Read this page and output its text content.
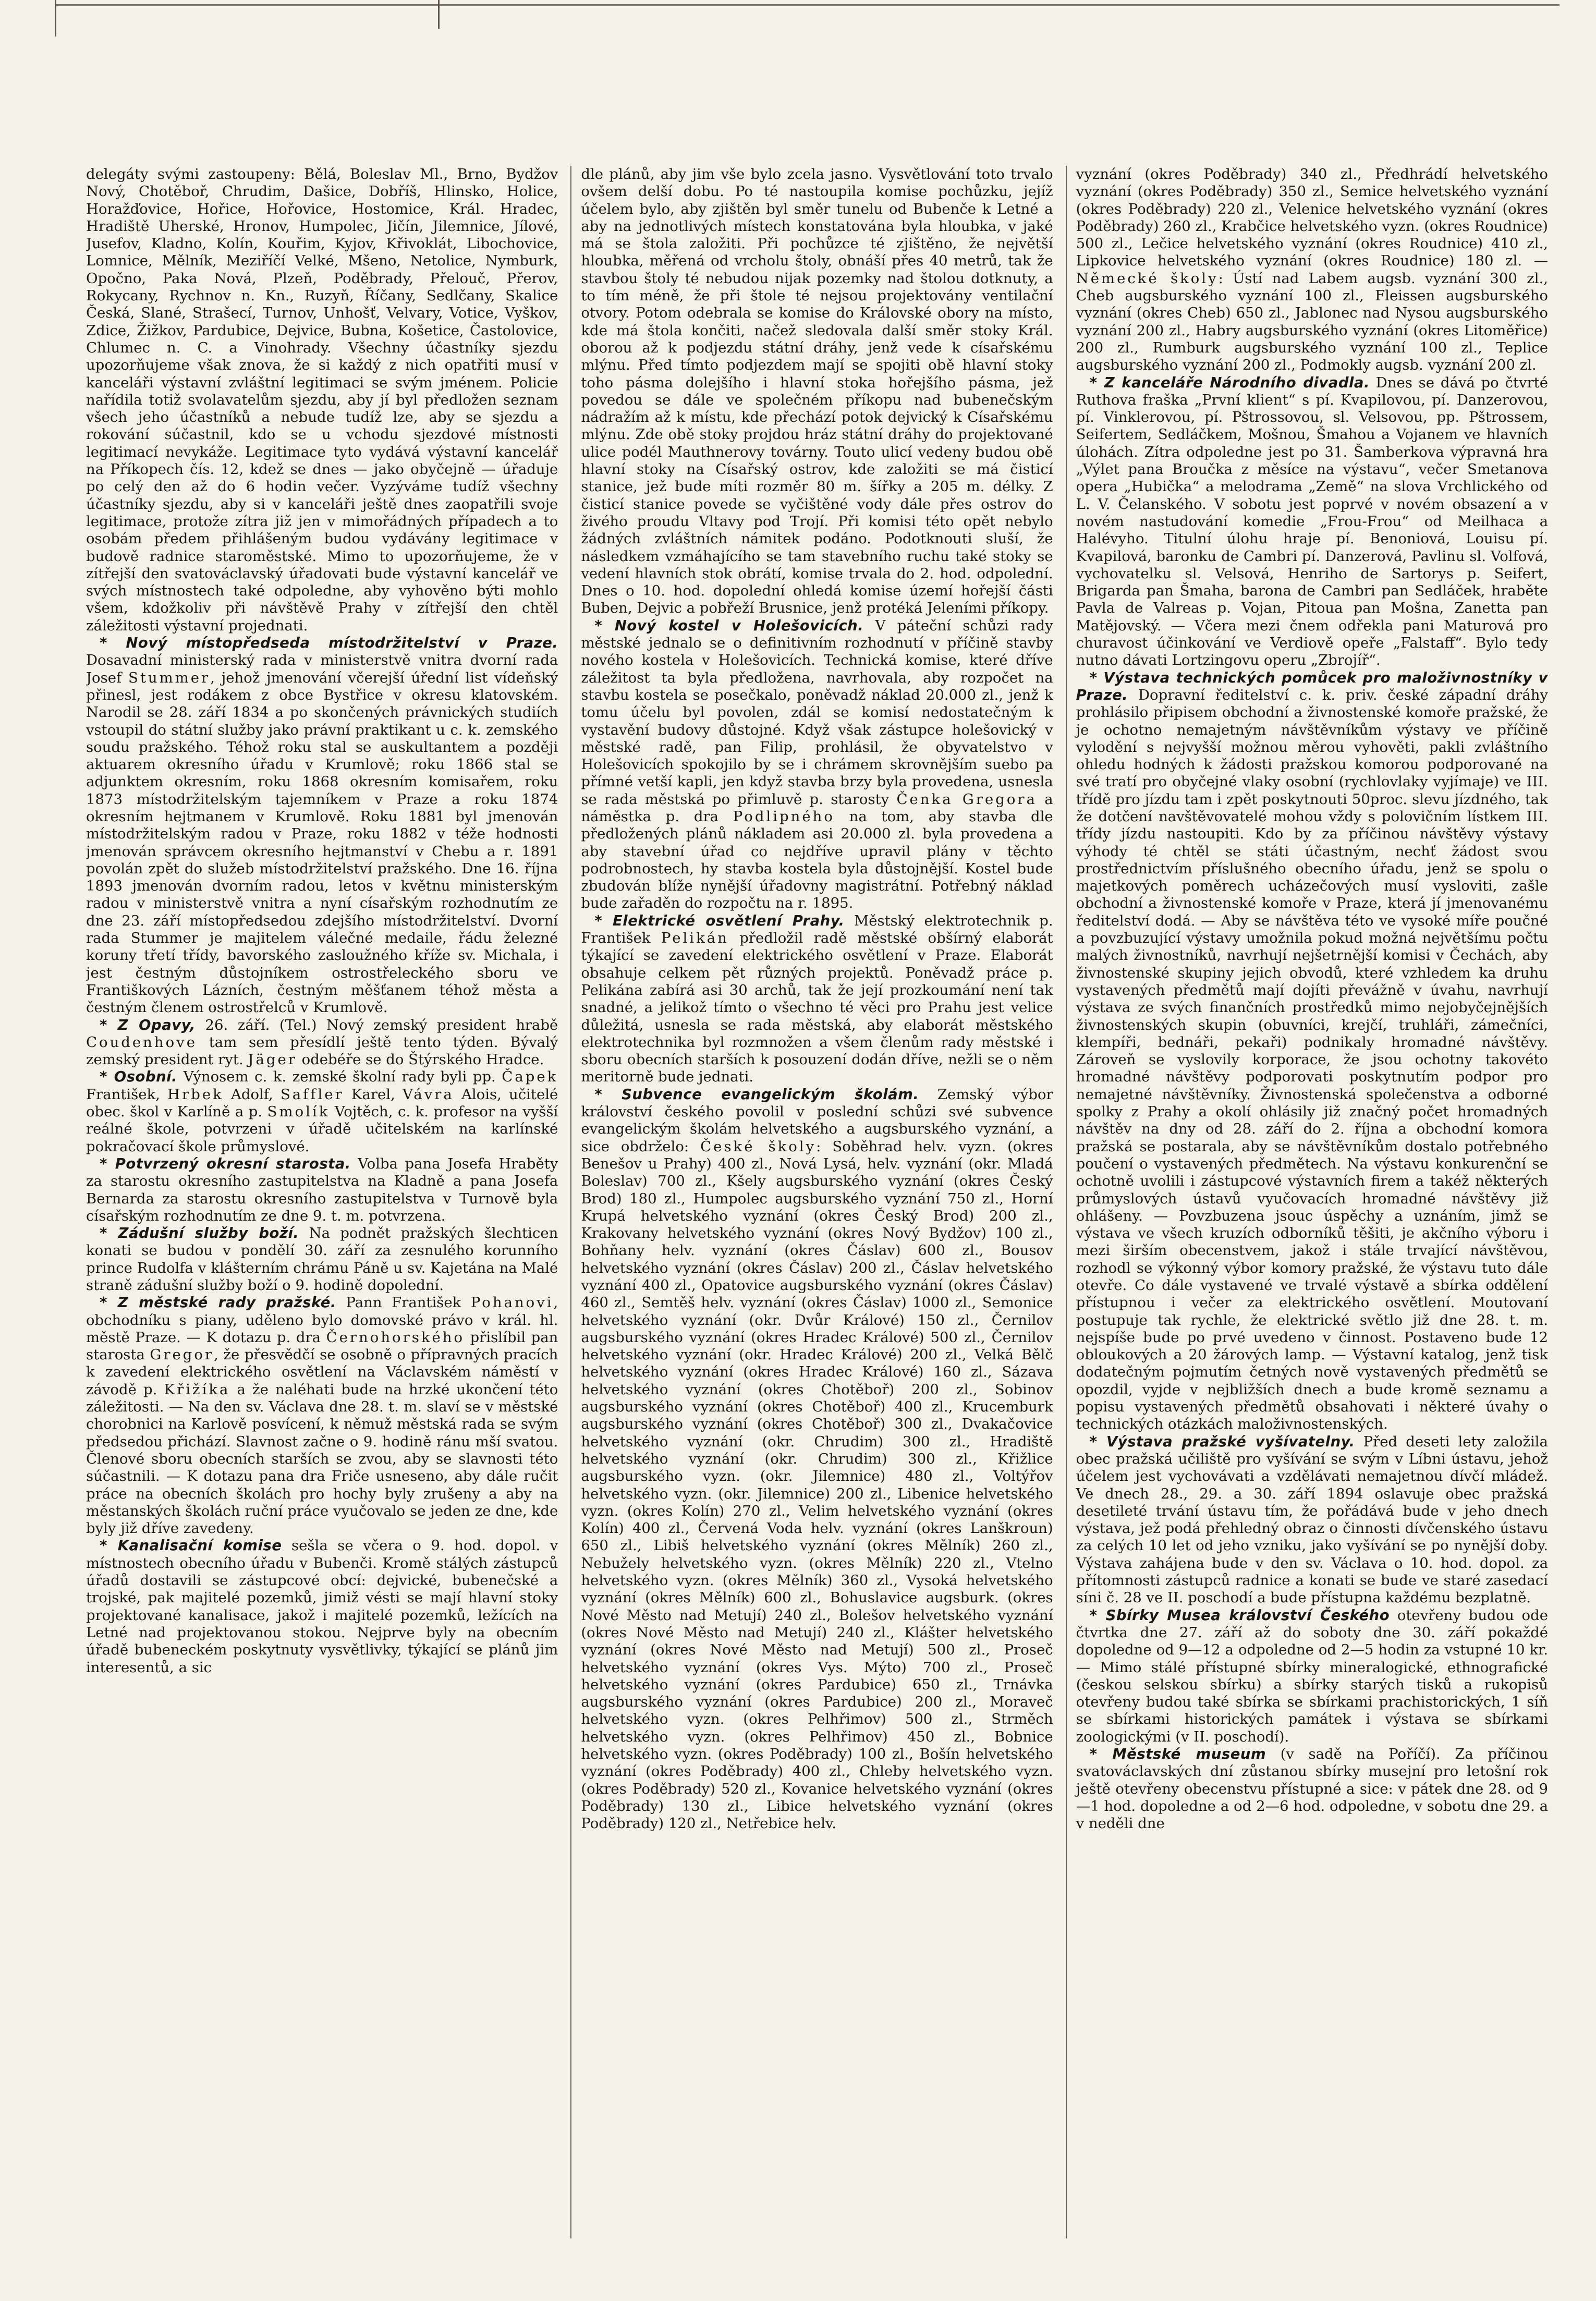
delegáty svými zastoupeny: Bělá, Boleslav Ml., Brno, Bydžov Nový, Chotěboř, Chrudim, Dašice, Dobříš, Hlinsko, Holice, Horažďovice, Hořice, Hořovice, Hostomice, Král. Hradec, Hradiště Uherské, Hronov, Humpolec, Jičín, Jilemnice, Jílové, Jusefov, Kladno, Kolín, Kouřim, Kyjov, Křivoklát, Libochovice, Lomnice, Mělník, Meziříčí Velké, Mšeno, Netolice, Nymburk, Opočno, Paka Nová, Plzeň, Poděbrady, Přelouč, Přerov, Rokycany, Rychnov n. Kn., Ruzyň, Říčany, Sedlčany, Skalice Česká, Slané, Strašecí, Turnov, Unhošť, Velvary, Votice, Vyškov, Zdice, Žižkov, Pardubice, Dejvice, Bubna, Košetice, Častolovice, Chlumec n. C. a Vinohrady. Všechny účastníky sjezdu upozorňujeme však znova, že si každý z nich opatřiti musí v kanceláři výstavní zvláštní legitimaci se svým jménem. Policie nařídila totiž svolavatelům sjezdu, aby jí byl předložen seznam všech jeho účastníků a nebude tudíž lze, aby se sjezdu a rokování súčastnil, kdo se u vchodu sjezdové místnosti legitimací nevykáže. Legitimace tyto vydává výstavní kancelář na Příkopech čís. 12, kdež se dnes — jako obyčejně — úřaduje po celý den až do 6 hodin večer. Vyzýváme tudíž všechny účastníky sjezdu, aby si v kanceláři ještě dnes zaopatřili svoje legitimace, protože zítra již jen v mimořádných případech a to osobám předem přihlášeným budou vydávány legitimace v budově radnice staroměstské. Mimo to upozorňujeme, že v zítřejší den svatováclavský úřadovati bude výstavní kancelář ve svých místnostech také odpoledne, aby vyhověno býti mohlo všem, kdožkoliv při návštěvě Prahy v zítřejší den chtěl záležitosti výstavní projednati.

* Nový místopředseda místodržitelství v Praze. Dosavadní ministerský rada v ministerstvě vnitra dvorní rada Josef Stummer, jehož jmenování včerejší úřední list vídeňský přinesl, jest rodákem z obce Bystřice v okresu klatovském. Narodil se 28. září 1834 a po skončených právnických studiích vstoupil do státní služby jako právní praktikant u c. k. zemského soudu pražského. Téhož roku stal se auskultantem a později aktuarem okresního úřadu v Krumlově; roku 1866 stal se adjunktem okresním, roku 1868 okresním komisařem, roku 1873 místodržitelským tajemníkem v Praze a roku 1874 okresním hejtmanem v Krumlově. Roku 1881 byl jmenován místodržitelským radou v Praze, roku 1882 v téže hodnosti jmenován správcem okresního hejtmanství v Chebu a r. 1891 povolán zpět do služeb místodržitelství pražského. Dne 16. října 1893 jmenován dvorním radou, letos v květnu ministerským radou v ministerstvě vnitra a nyní císařským rozhodnutím ze dne 23. září místopředsedou zdejšího místodržitelství. Dvorní rada Stummer je majitelem válečné medaile, řádu železné koruny třetí třídy, bavorského zasloužného kříže sv. Michala, i jest čestným důstojníkem ostrostřeleckého sboru ve Františkových Lázních, čestným měšťanem téhož města a čestným členem ostrostřelců v Krumlově.

* Z Opavy, 26. září. (Tel.) Nový zemský president hrabě Coudenhove tam sem přesídlí ještě tento týden. Bývalý zemský president ryt. Jäger odebéře se do Štýrského Hradce.

* Osobní. Výnosem c. k. zemské školní rady byli pp. Čapek František, Hrbek Adolf, Saffler Karel, Vávra Alois, učitelé obec. škol v Karlíně a p. Smolík Vojtěch, c. k. profesor na vyšší reálné škole, potvrzeni v úřadě učitelském na karlínské pokračovací škole průmyslové.

* Potvrzený okresní starosta. Volba pana Josefa Hraběty za starostu okresního zastupitelstva na Kladně a pana Josefa Bernarda za starostu okresního zastupitelstva v Turnově byla císařským rozhodnutím ze dne 9. t. m. potvrzena.

* Zádušní služby boží. Na podnět pražských šlechticen konati se budou v pondělí 30. září za zesnulého korunního prince Rudolfa v klášterním chrámu Páně u sv. Kajetána na Malé straně zádušní služby boží o 9. hodině dopolední.

* Z městské rady pražské. Pann František Pohanovi, obchodníku s piany, uděleno bylo domovské právo v král. hl. městě Praze. — K dotazu p. dra Černohorského přislíbil pan starosta Gregor, že přesvědčí se osobně o přípravných pracích k zavedení elektrického osvětlení na Václavském náměstí v závodě p. Křižíka a že naléhati bude na hrzké ukončení této záležitosti. — Na den sv. Václava dne 28. t. m. slaví se v městské chorobnici na Karlově posvícení, k němuž městská rada se svým předsedou přichází. Slavnost začne o 9. hodině ránu mší svatou. Členové sboru obecních starších se zvou, aby se slavnosti této súčastnili. — K dotazu pana dra Friče usneseno, aby dále ručit práce na obecních školách pro hochy byly zrušeny a aby na městanských školách ruční práce vyučovalo se jeden ze dne, kde byly již dříve zavedeny.

* Kanalisační komise sešla se včera o 9. hod. dopol. v místnostech obecního úřadu v Bubenči. Kromě stálých zástupců úřadů dostavili se zástupcové obcí: dejvické, bubenečské a trojské, pak majitelé pozemků, jimiž vésti se mají hlavní stoky projektované kanalisace, jakož i majitelé pozemků, ležících na Letné nad projektovanou stokou. Nejprve byly na obecním úřadě bubeneckém poskytnuty vysvětlivky, týkající se plánů jim interesentů, a sic

dle plánů, aby jim vše bylo zcela jasno. Vysvětlování toto trvalo ovšem delší dobu. Po té nastoupila komise pochůzku, jejíž účelem bylo, aby zjištěn byl směr tunelu od Bubenče k Letné a aby na jednotlivých místech konstatována byla hloubka, v jaké má se štola založiti. Při pochůzce té zjištěno, že největší hloubka, měřená od vrcholu štoly, obnáší přes 40 metrů, tak že stavbou štoly té nebudou nijak pozemky nad štolou dotknuty, a to tím méně, že při štole té nejsou projektovány ventilační otvory. Potom odebrala se komise do Královské obory na místo, kde má štola končiti, načež sledovala další směr stoky Král. oborou až k podjezdu státní dráhy, jenž vede k císařskému mlýnu. Před tímto podjezdem mají se spojiti obě hlavní stoky toho pásma dolejšího i hlavní stoka hořejšího pásma, jež povedou se dále ve společném příkopu nad bubenečským nádražím až k místu, kde přechází potok dejvický k Císařskému mlýnu. Zde obě stoky projdou hráz státní dráhy do projektované ulice podél Mauthnerovy továrny. Touto ulicí vedeny budou obě hlavní stoky na Císařský ostrov, kde založiti se má čisticí stanice, jež bude míti rozměr 80 m. šířky a 205 m. délky. Z čisticí stanice povede se vyčištěné vody dále přes ostrov do živého proudu Vltavy pod Trojí. Při komisi této opět nebylo žádných zvláštních námitek podáno. Podotknouti sluší, že následkem vzmáhajícího se tam stavebního ruchu také stoky se vedení hlavních stok obrátí, komise trvala do 2. hod. odpolední. Dnes o 10. hod. dopolední ohledá komise území hořejší části Buben, Dejvic a pobřeží Brusnice, jenž protéká Jeleními příkopy.

* Nový kostel v Holešovicích. V páteční schůzi rady městské jednalo se o definitivním rozhodnutí v příčině stavby nového kostela v Holešovicích. Technická komise, které dříve záležitost ta byla předložena, navrhovala, aby rozpočet na stavbu kostela se posečkalo, poněvadž náklad 20.000 zl., jenž k tomu účelu byl povolen, zdál se komisí nedostatečným k vystavění budovy důstojné. Když však zástupce holešovický v městské radě, pan Filip, prohlásil, že obyvatelstvo v Holešovicích spokojilo by se i chrámem skrovnějším suebo pa přímné vetší kapli, jen když stavba brzy byla provedena, usnesla se rada městská po přimluvě p. starosty Čenka Gregora a náměstka p. dra Podlipného na tom, aby stavba dle předložených plánů nákladem asi 20.000 zl. byla provedena a aby stavební úřad co nejdříve upravil plány v těchto podrobnostech, hy stavba kostela byla důstojnější. Kostel bude zbudován blíže nynější úřadovny magistrátní. Potřebný náklad bude zařaděn do rozpočtu na r. 1895.

* Elektrické osvětlení Prahy. Městský elektrotechnik p. František Pelikán předložil radě městské obšírný elaborát týkající se zavedení elektrického osvětlení v Praze. Elaborát obsahuje celkem pět různých projektů. Poněvadž práce p. Pelikána zabírá asi 30 archů, tak že její prozkoumání není tak snadné, a jelikož tímto o všechno té věci pro Prahu jest velice důležitá, usnesla se rada městská, aby elaborát městského elektrotechnika byl rozmnožen a všem členům rady městské i sboru obecních starších k posouzení dodán dříve, nežli se o něm meritorně bude jednati.

* Subvence evangelickým školám. Zemský výbor království českého povolil v poslední schůzi své subvence evangelickým školám helvetského a augsburského vyznání, a sice obdrželo: České školy: Soběhrad helv. vyzn. (okres Benešov u Prahy) 400 zl., Nová Lysá, helv. vyznání (okr. Mladá Boleslav) 700 zl., Kšely augsburského vyznání (okres Český Brod) 180 zl., Humpolec augsburského vyznání 750 zl., Horní Krupá helvetského vyznání (okres Český Brod) 200 zl., Krakovany helvetského vyznání (okres Nový Bydžov) 100 zl., Bohňany helv. vyznání (okres Čáslav) 600 zl., Bousov helvetského vyznání (okres Čáslav) 200 zl., Čáslav helvetského vyznání 400 zl., Opatovice augsburského vyznání (okres Čáslav) 460 zl., Semtěš helv. vyznání (okres Čáslav) 1000 zl., Semonice helvetského vyznání (okr. Dvůr Králové) 150 zl., Černilov augsburského vyznání (okres Hradec Králové) 500 zl., Černilov helvetského vyznání (okr. Hradec Králové) 200 zl., Velká Bělč helvetského vyznání (okres Hradec Králové) 160 zl., Sázava helvetského vyznání (okres Chotěboř) 200 zl., Sobinov augsburského vyznání (okres Chotěboř) 400 zl., Krucemburk augsburského vyznání (okres Chotěboř) 300 zl., Dvakačovice helvetského vyznání (okr. Chrudim) 300 zl., Hradiště helvetského vyznání (okr. Chrudim) 300 zl., Křižlice augsburského vyzn. (okr. Jilemnice) 480 zl., Voltýřov helvetského vyzn. (okr. Jilemnice) 200 zl., Libenice helvetského vyzn. (okres Kolín) 270 zl., Velim helvetského vyznání (okres Kolín) 400 zl., Červená Voda helv. vyznání (okres Lanškroun) 650 zl., Libiš helvetského vyznání (okres Mělník) 260 zl., Nebužely helvetského vyzn. (okres Mělník) 220 zl., Vtelno helvetského vyzn. (okres Mělník) 360 zl., Vysoká helvetského vyznání (okres Mělník) 600 zl., Bohuslavice augsburk. (okres Nové Město nad Metují) 240 zl., Bolešov helvetského vyznání (okres Nové Město nad Metují) 240 zl., Klášter helvetského vyznání (okres Nové Město nad Metují) 500 zl., Proseč helvetského vyznání (okres Vys. Mýto) 700 zl., Proseč helvetského vyznání (okres Pardubice) 650 zl., Trnávka augsburského vyznání (okres Pardubice) 200 zl., Moraveč helvetského vyzn. (okres Pelhřimov) 500 zl., Strměch helvetského vyzn. (okres Pelhřimov) 450 zl., Bobnice helvetského vyzn. (okres Poděbrady) 100 zl., Bošín helvetského vyznání (okres Poděbrady) 400 zl., Chleby helvetského vyzn. (okres Poděbrady) 520 zl., Kovanice helvetského vyznání (okres Poděbrady) 130 zl., Libice helvetského vyznání (okres Poděbrady) 120 zl., Netřebice helv.

vyznání (okres Poděbrady) 340 zl., Předhrádí helvetského vyznání (okres Poděbrady) 350 zl., Semice helvetského vyznání (okres Poděbrady) 220 zl., Velenice helvetského vyznání (okres Poděbrady) 260 zl., Krabčice helvetského vyzn. (okres Roudnice) 500 zl., Lečice helvetského vyznání (okres Roudnice) 410 zl., Lipkovice helvetského vyznání (okres Roudnice) 180 zl. — Německé školy: Ústí nad Labem augsb. vyznání 300 zl., Cheb augsburského vyznání 100 zl., Fleissen augsburského vyznání (okres Cheb) 650 zl., Jablonec nad Nysou augsburského vyznání 200 zl., Habry augsburského vyznání (okres Litoměřice) 200 zl., Rumburk augsburského vyznání 100 zl., Teplice augsburského vyznání 200 zl., Podmokly augsb. vyznání 200 zl.

* Z kanceláře Národního divadla. Dnes se dává po čtvrté Ruthova fraška „První klient“ s pí. Kvapilovou, pí. Danzerovou, pí. Vinklerovou, pí. Pštrossovou, sl. Velsovou, pp. Pštrossem, Seifertem, Sedláčkem, Mošnou, Šmahou a Vojanem ve hlavních úlohách. Zítra odpoledne jest po 31. Šamberkova výpravná hra „Výlet pana Broučka z měsíce na výstavu“, večer Smetanova opera „Hubička“ a melodrama „Země“ na slova Vrchlického od L. V. Čelanského. V sobotu jest poprvé v novém obsazení a v novém nastudování komedie „Frou-Frou“ od Meilhaca a Halévyho. Titulní úlohu hraje pí. Benoniová, Louisu pí. Kvapilová, baronku de Cambri pí. Danzerová, Pavlinu sl. Volfová, vychovatelku sl. Velsová, Henriho de Sartorys p. Seifert, Brigarda pan Šmaha, barona de Cambri pan Sedláček, hraběte Pavla de Valreas p. Vojan, Pitoua pan Mošna, Zanetta pan Matějovský. — Včera mezi čnem odřekla pani Maturová pro churavost účinkování ve Verdiově opeře „Falstaff“. Bylo tedy nutno dávati Lortzingovu operu „Zbrojíř“.

* Výstava technických pomůcek pro maloživnostníky v Praze. Dopravní ředitelství c. k. priv. české západní dráhy prohlásilo připisem obchodní a živnostenské komoře pražské, že je ochotno nemajetným návštěvníkům výstavy ve příčině vylodění s nejvyšší možnou měrou vyhověti, pakli zvláštního ohledu hodných k žádosti pražskou komorou podporované na své tratí pro obyčejné vlaky osobní (rychlovlaky vyjímaje) ve III. třídě pro jízdu tam i zpět poskytnouti 50proc. slevu jízdného, tak že dotčení navštěvovatelé mohou vždy s polovičním lístkem III. třídy jízdu nastoupiti. Kdo by za příčinou návštěvy výstavy výhody té chtěl se státi účastným, nechť žádost svou prostřednictvím příslušného obecního úřadu, jenž se spolu o majetkových poměrech ucházečových musí vysloviti, zašle obchodní a živnostenské komoře v Praze, která jí jmenovanému ředitelství dodá. — Aby se návštěva této ve vysoké míře poučné a povzbuzující výstavy umožnila pokud možná největšímu počtu malých živnostníků, navrhují nejšetrnější komisi v Čechách, aby živnostenské skupiny jejich obvodů, které vzhledem ka druhu vystavených předmětů mají dojíti převážně v úvahu, navrhují výstava ze svých finančních prostředků mimo nejobyčejnějších živnostenských skupin (obuvníci, krejčí, truhláři, zámečníci, klempíři, bednáři, pekaři) podnikaly hromadné návštěvy. Zároveň se vyslovily korporace, že jsou ochotny takovéto hromadné návštěvy podporovati poskytnutím podpor pro nemajetné návštěvníky. Živnostenská společenstva a odborné spolky z Prahy a okolí ohlásily již značný počet hromadných návštěv na dny od 28. září do 2. října a obchodní komora pražská se postarala, aby se návštěvníkům dostalo potřebného poučení o vystavených předmětech. Na výstavu konkurenční se ochotně uvolili i zástupcové výstavních firem a takéž některých průmyslových ústavů vyučovacích hromadné návštěvy již ohlášeny. — Povzbuzena jsouc úspěchy a uznáním, jimž se výstava ve všech kruzích odborníků těšiti, je akčního výboru i mezi širším obecenstvem, jakož i stále trvající návštěvou, rozhodl se výkonný výbor komory pražské, že výstavu tuto dále otevře. Co dále vystavené ve trvalé výstavě a sbírka oddělení přístupnou i večer za elektrického osvětlení. Moutovaní postupuje tak rychle, že elektrické světlo již dne 28. t. m. nejspíše bude po prvé uvedeno v činnost. Postaveno bude 12 obloukových a 20 žárových lamp. — Výstavní katalog, jenž tisk dodatečným pojmutím četných nově vystavených předmětů se opozdil, vyjde v nejbližších dnech a bude kromě seznamu a popisu vystavených předmětů obsahovati i některé úvahy o technických otázkách maloživnostenských.

* Výstava pražské vyšívatelny. Před deseti lety založila obec pražská učiliště pro vyšívání se svým v Líbni ústavu, jehož účelem jest vychovávati a vzdělávati nemajetnou dívčí mládež. Ve dnech 28., 29. a 30. září 1894 oslavuje obec pražská desetileté trvání ústavu tím, že pořádává bude v jeho dnech výstava, jež podá přehledný obraz o činnosti dívčenského ústavu za celých 10 let od jeho vzniku, jako vyšívání se po nynější doby. Výstava zahájena bude v den sv. Václava o 10. hod. dopol. za přítomnosti zástupců radnice a konati se bude ve staré zasedací síni č. 28 ve II. poschodí a bude přístupna každému bezplatně.

* Sbírky Musea království Českého otevřeny budou ode čtvrtka dne 27. září až do soboty dne 30. září pokaždé dopoledne od 9—12 a odpoledne od 2—5 hodin za vstupné 10 kr. — Mimo stálé přístupné sbírky mineralogické, ethnografické (českou selskou sbírku) a sbírky starých tisků a rukopisů otevřeny budou také sbírka se sbírkami prachistorických, 1 síň se sbírkami historických památek i výstava se sbírkami zoologickými (v II. poschodí).

* Městské museum (v sadě na Poříčí). Za příčinou svatováclavských dní zůstanou sbírky musejní pro letošní rok ještě otevřeny obecenstvu přístupné a sice: v pátek dne 28. od 9—1 hod. dopoledne a od 2—6 hod. odpoledne, v sobotu dne 29. a v neděli dne
